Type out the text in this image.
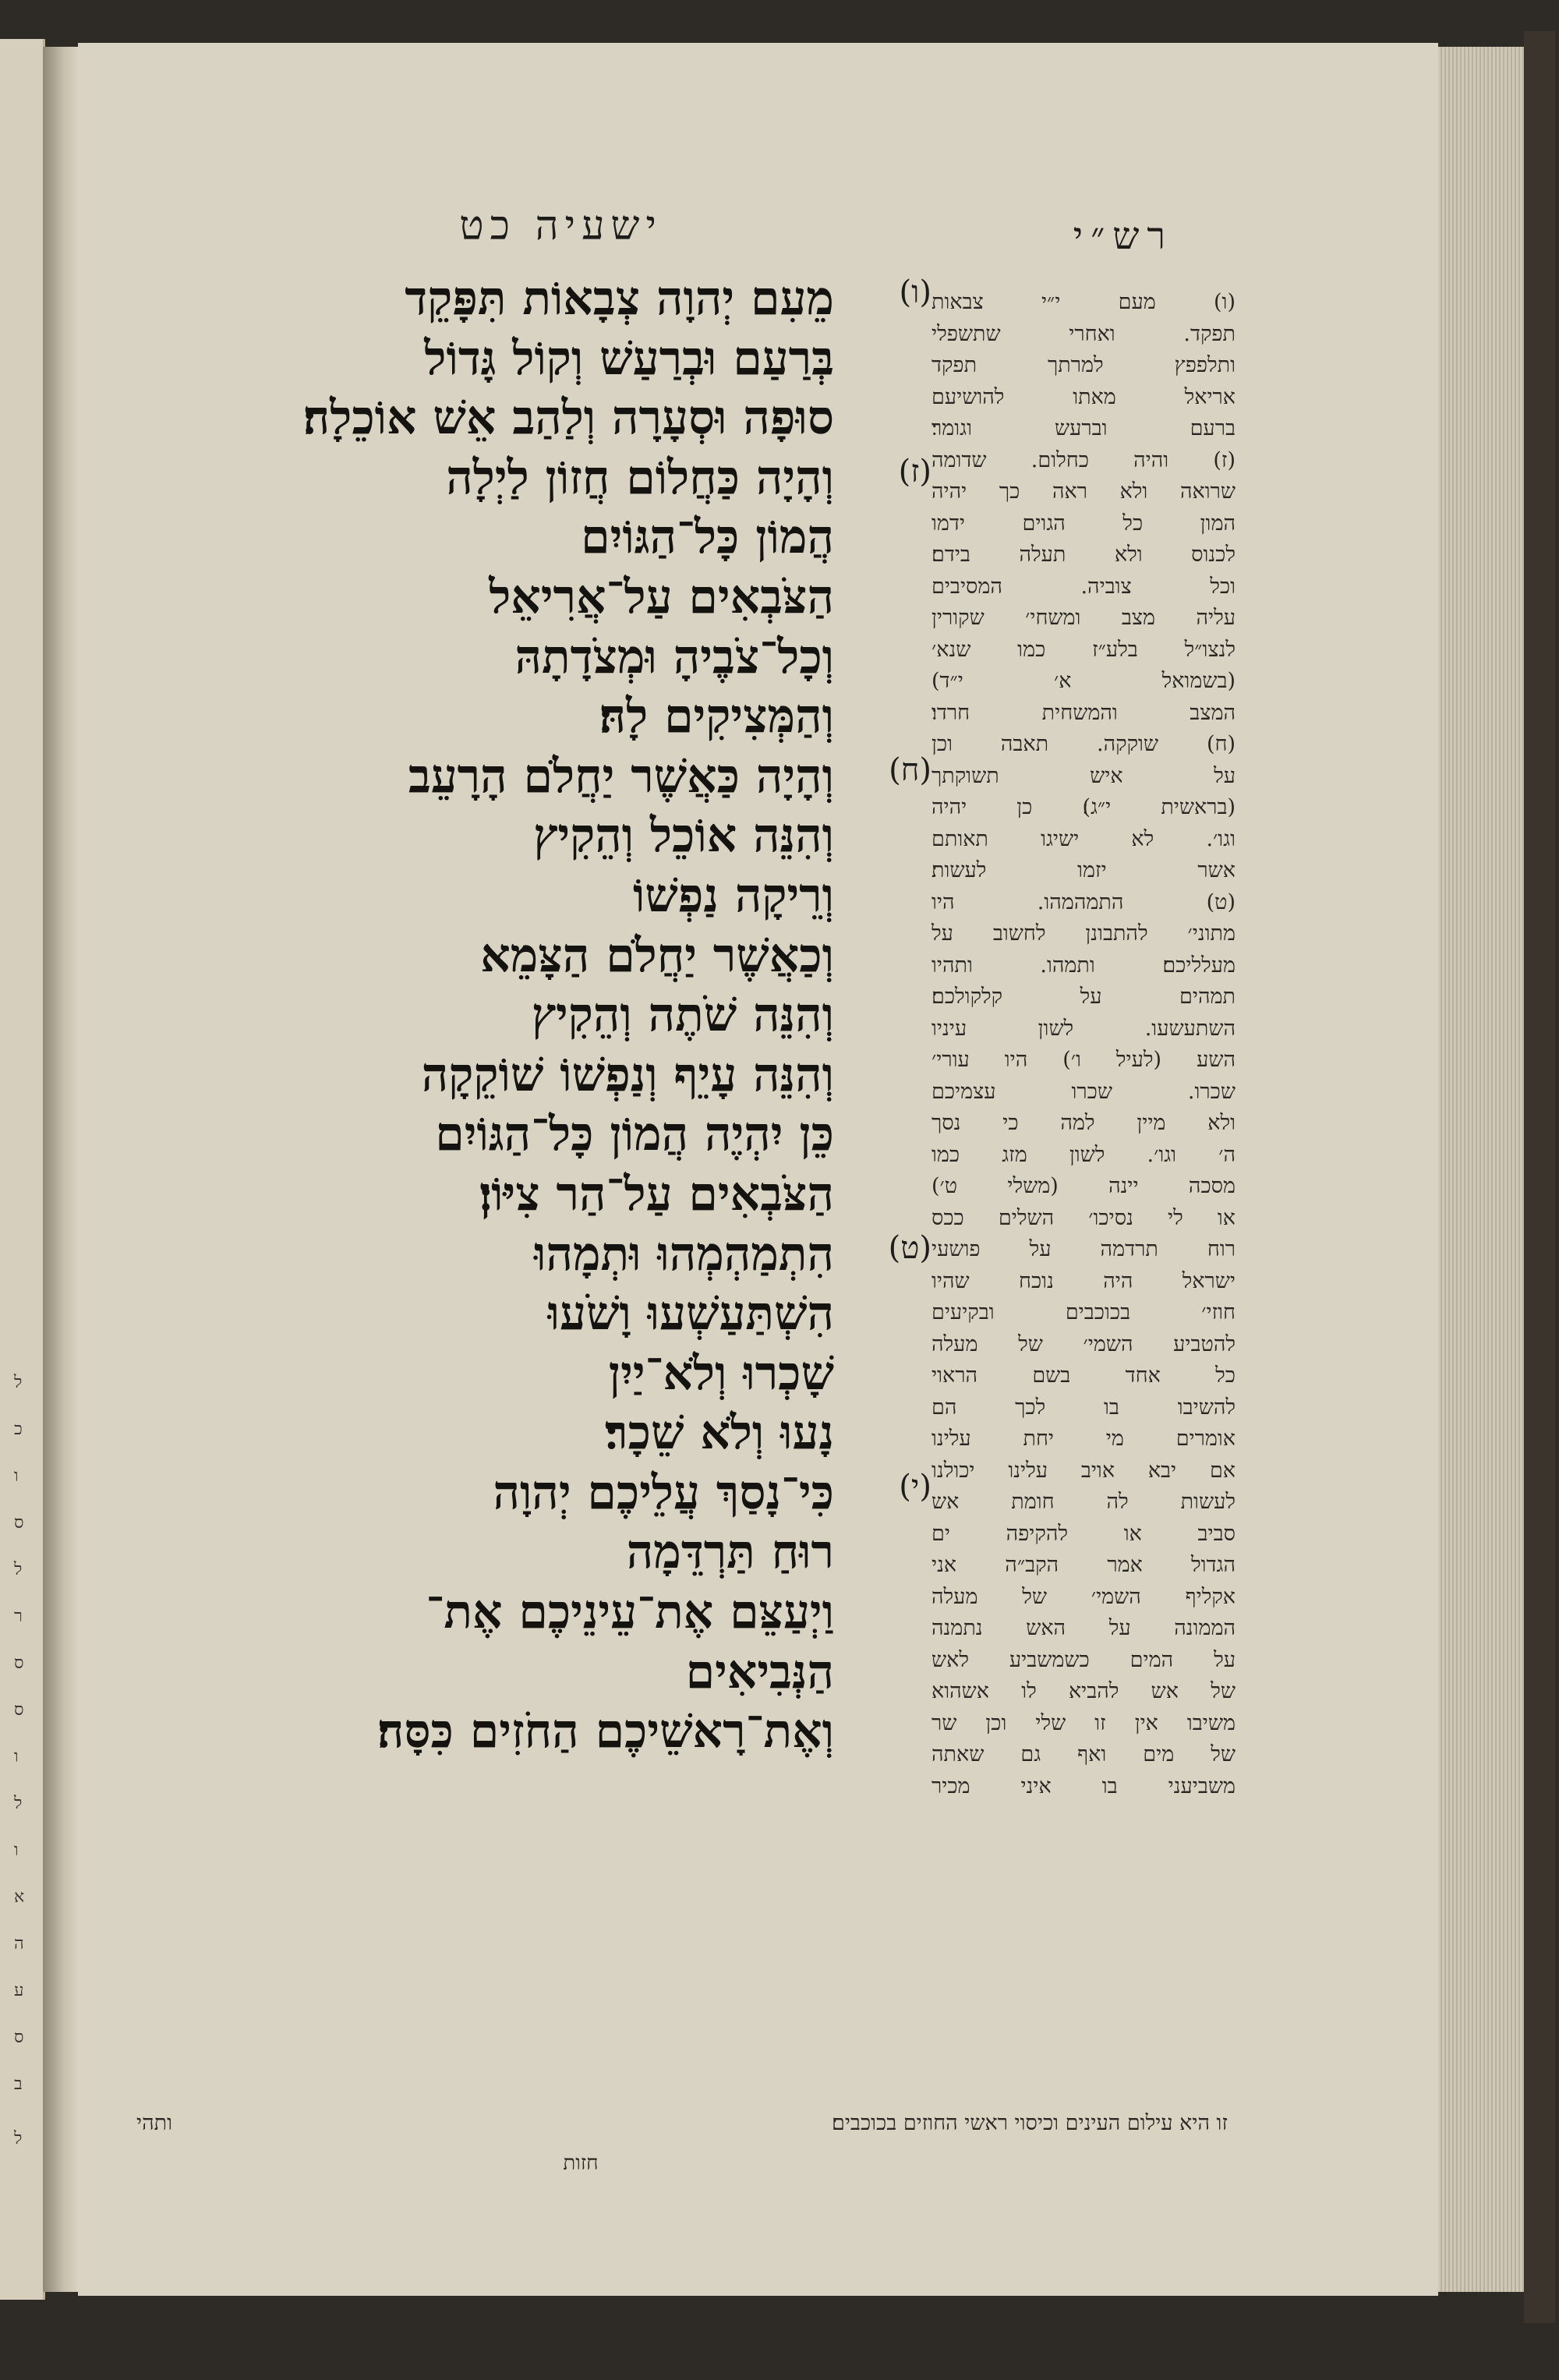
ל
כ
ו
ס
ל
ר
ס
ס
ו
ל
ו
א
ה
ע
ס
ב
ל
רש״י
ישעיה כט
(ו)
מֵעִם יְהוָה צְבָאוֹת תִּפָּקֵד
בְּרַעַם וּבְרַעַשׁ וְקוֹל גָּדוֹל
סוּפָה וּסְעָרָה וְלַהַב אֵשׁ אוֹכֵלָה׃
(ז)
וְהָיָה כַּחֲלוֹם חֲזוֹן לַיְלָה
הֲמוֹן כָּל־הַגּוֹיִם
הַצֹּבְאִים עַל־אֲרִיאֵל
וְכָל־צֹבֶיהָ וּמְצֹדָתָהּ
וְהַמְּצִיקִים לָהּ׃
(ח)
וְהָיָה כַּאֲשֶׁר יַחֲלֹם הָרָעֵב
וְהִנֵּה אוֹכֵל וְהֵקִיץ
וְרֵיקָה נַפְשׁוֹ
וְכַאֲשֶׁר יַחֲלֹם הַצָּמֵא
וְהִנֵּה שֹׁתֶה וְהֵקִיץ
וְהִנֵּה עָיֵף וְנַפְשׁוֹ שׁוֹקֵקָה
כֵּן יִהְיֶה הֲמוֹן כָּל־הַגּוֹיִם
הַצֹּבְאִים עַל־הַר צִיּוֹן׃
(ט)
הִתְמַהְמְהוּ וּתְמָהוּ
הִשְׁתַּעַשְׁעוּ וָשֹׁעוּ
שָׁכְרוּ וְלֹא־יַיִן
נָעוּ וְלֹא שֵׁכָר׃
(י)
כִּי־נָסַךְ עֲלֵיכֶם יְהוָה
רוּחַ תַּרְדֵּמָה
וַיְעַצֵּם אֶת־עֵינֵיכֶם אֶת־
הַנְּבִיאִים
וְאֶת־רָאשֵׁיכֶם הַחֹזִים כִּסָּה׃
(ו) מעם י״י צבאות
תפקד. ואחרי שתשפלי
ותלפפץ למרתך תפקד
אריאל מאתו להושיעם
ברעם וברעש וגומר׃
(ז) והיה כחלום. שדומה
שרואה ולא ראה כך יהיה
המון כל הגוים ידמו
לכנוס ולא תעלה בידם׃
וכל צוביה. המסיבים
עליה מצב ומשחי׳ שקורין
לנצו״ל בלע״ז כמו שנא׳
(בשמואל א׳ י״ד)
המצב והמשחית חרדו׃
(ח) שוקקה. תאבה וכן
על איש תשוקתך
(בראשית י״ג)׃ כן יהיה
וגו׳. לא ישיגו תאותם
אשר יזמו לעשות׃
(ט) התמהמהו. היו
מתוני׳ להתבונן לחשוב על
מעלליכם׃ ותמהו. ותהיו
תמהים על קלקולכם׃
השתעשעו. לשון עיניו
השע (לעיל ו׳) היו עורי׳
שכרו. שכרו עצמיכם
ולא מיין למה כי נסך
ה׳ וגו׳. לשון מזג כמו
מסכה יינה (משלי ט׳)
או לי נסיכו׳ השלים ככס
רוח תרדמה על פושעי
ישראל היה נוכח שהיו
חוזי׳ בכוכבים ובקיעים
להטביע השמי׳ של מעלה
כל אחד בשם הראוי
להשיבו בו לכך הם
אומרים מי יחת עלינו
אם יבא אויב עלינו יכולנו
לעשות לה חומת אש
סביב או להקיפה ים
הגדול אמר הקב״ה אני
אקליף השמי׳ של מעלה
הממונה על האש נתמנה
על המים כשמשביע לאש
של אש להביא לו אשהוא
משיבו אין זו שלי וכן שר
של מים ואף גם שאתה
משביעני בו איני מכיר
זו היא עילום העינים וכיסוי ראשי החוזים בכוכבים׃
ותהי
חזות
